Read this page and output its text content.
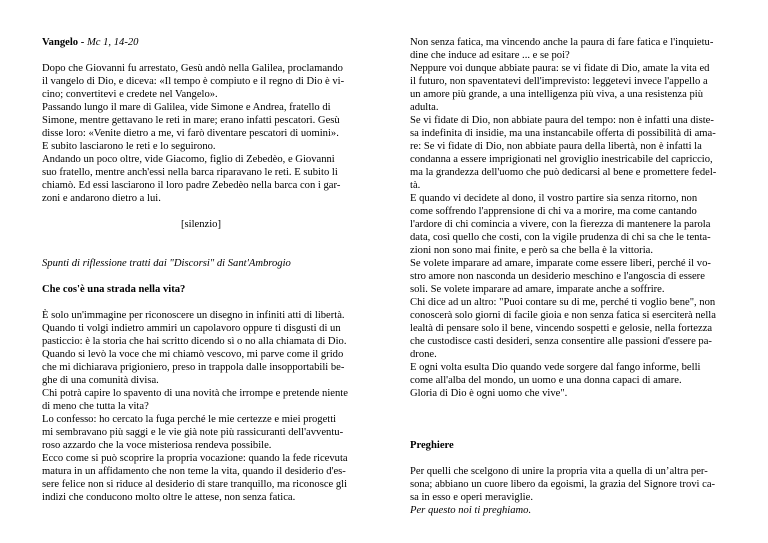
Vangelo - Mc 1, 14-20

Dopo che Giovanni fu arrestato, Gesù andò nella Galilea, proclamando

il vangelo di Dio, e diceva: «Il tempo è compiuto e il regno di Dio è vi-

cino; convertitevi e credete nel Vangelo».

Passando lungo il mare di Galilea, vide Simone e Andrea, fratello di

Simone, mentre gettavano le reti in mare; erano infatti pescatori. Gesù

disse loro: «Venite dietro a me, vi farò diventare pescatori di uomini».

E subito lasciarono le reti e lo seguirono.

Andando un poco oltre, vide Giacomo, figlio di Zebedèo, e Giovanni

suo fratello, mentre anch'essi nella barca riparavano le reti. E subito li

chiamò. Ed essi lasciarono il loro padre Zebedèo nella barca con i gar-

zoni e andarono dietro a lui.

[silenzio]

Spunti di riflessione tratti dai "Discorsi" di Sant'Ambrogio

Che cos'è una strada nella vita?

È solo un'immagine per riconoscere un disegno in infiniti atti di libertà.

Quando ti volgi indietro ammiri un capolavoro oppure ti disgusti di un

pasticcio: è la storia che hai scritto dicendo sì o no alla chiamata di Dio.

Quando si levò la voce che mi chiamò vescovo, mi parve come il grido

che mi dichiarava prigioniero, preso in trappola dalle insopportabili be-

ghe di una comunità divisa.

Chi potrà capire lo spavento di una novità che irrompe e pretende niente

di meno che tutta la vita?

Lo confesso: ho cercato la fuga perché le mie certezze e miei progetti

mi sembravano più saggi e le vie già note più rassicuranti dell'avventu-

roso azzardo che la voce misteriosa rendeva possibile.

Ecco come si può scoprire la propria vocazione: quando la fede ricevuta

matura in un affidamento che non teme la vita, quando il desiderio d'es-

sere felice non si riduce al desiderio di stare tranquillo, ma riconosce gli

indizi che conducono molto oltre le attese, non senza fatica.

Non senza fatica, ma vincendo anche la paura di fare fatica e l'inquietu-

dine che induce ad esitare ... e se poi?

Neppure voi dunque abbiate paura: se vi fidate di Dio, amate la vita ed

il futuro, non spaventatevi dell'imprevisto: leggetevi invece l'appello a

un amore più grande, a una intelligenza più viva, a una resistenza più

adulta.

Se vi fidate di Dio, non abbiate paura del tempo: non è infatti una diste-

sa indefinita di insidie, ma una instancabile offerta di possibilità di ama-

re: Se vi fidate di Dio, non abbiate paura della libertà, non è infatti la

condanna a essere imprigionati nel groviglio inestricabile del capriccio,

ma la grandezza dell'uomo che può dedicarsi al bene e promettere fedel-

tà.

E quando vi decidete al dono, il vostro partire sia senza ritorno, non

come soffrendo l'apprensione di chi va a morire, ma come cantando

l'ardore di chi comincia a vivere, con la fierezza di mantenere la parola

data, così quello che costi, con la vigile prudenza di chi sa che le tenta-

zioni non sono mai finite, e però sa che bella è la vittoria.

Se volete imparare ad amare, imparate come essere liberi, perché il vo-

stro amore non nasconda un desiderio meschino e l'angoscia di essere

soli. Se volete imparare ad amare, imparate anche a soffrire.

Chi dice ad un altro: "Puoi contare su di me, perché ti voglio bene", non

conoscerà solo giorni di facile gioia e non senza fatica si eserciterà nella

lealtà di pensare solo il bene, vincendo sospetti e gelosie, nella fortezza

che custodisce casti desideri, senza consentire alle passioni d'essere pa-

drone.

E ogni volta esulta Dio quando vede sorgere dal fango informe, belli

come all'alba del mondo, un uomo e una donna capaci di amare.

Gloria di Dio è ogni uomo che vive".

Preghiere

Per quelli che scelgono di unire la propria vita a quella di un’altra per-

sona; abbiano un cuore libero da egoismi, la grazia del Signore trovi ca-

sa in esso e operi meraviglie.

Per questo noi ti preghiamo.
